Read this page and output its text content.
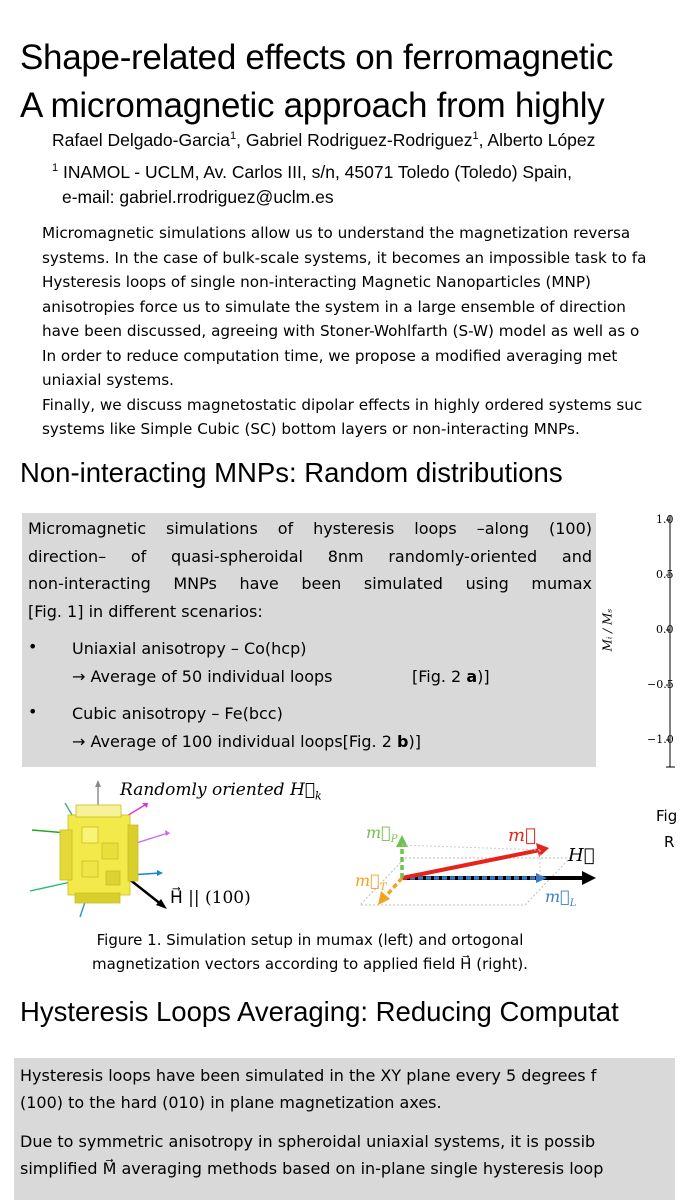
Shape-related effects on ferromagnetic
A micromagnetic approach from highly
Rafael Delgado-Garcia$^1$, Gabriel Rodriguez-Rodriguez$^1$, Alberto López
$^1$ INAMOL - UCLM, Av. Carlos III, s/n, 45071 Toledo (Toledo) Spain,
e-mail: gabriel.rrodriguez@uclm.es
Micromagnetic simulations allow us to understand the magnetization reversa
systems. In the case of bulk-scale systems, it becomes an impossible task to fa
Hysteresis loops of single non-interacting Magnetic Nanoparticles (MNP)
anisotropies force us to simulate the system in a large ensemble of direction
have been discussed, agreeing with Stoner-Wohlfarth (S-W) model as well as o
In order to reduce computation time, we propose a modified averaging met
uniaxial systems.
Finally, we discuss magnetostatic dipolar effects in highly ordered systems suc
systems like Simple Cubic (SC) bottom layers or non-interacting MNPs.
Non-interacting MNPs: Random distributions
Micromagnetic simulations of hysteresis loops –along (100)
direction– of quasi-spheroidal 8nm randomly-oriented and
non-interacting MNPs have been simulated using mumax
[Fig. 1] in different scenarios:
• Uniaxial anisotropy – Co(hcp)
→ Average of 50 individual loops	[Fig. 2 a)]
• Cubic anisotropy – Fe(bcc)
→ Average of 100 individual loops[Fig. 2 b)]
1.0
0.5
0.0
−0.5
−1.0
Mᵢ / Mₛ
Fig
R
Randomly oriented $H⃗_k$
H⃗ || (100)
$m⃗_P$	m⃗
H⃗
$m⃗_T$	$m⃗_L$
Figure 1. Simulation setup in mumax (left) and ortogonal
magnetization vectors according to applied field H⃗ (right).
Hysteresis Loops Averaging: Reducing Computat
Hysteresis loops have been simulated in the XY plane every 5 degrees f
(100) to the hard (010) in plane magnetization axes.
Due to symmetric anisotropy in spheroidal uniaxial systems, it is possib
simplified M⃗ averaging methods based on in-plane single hysteresis loop
